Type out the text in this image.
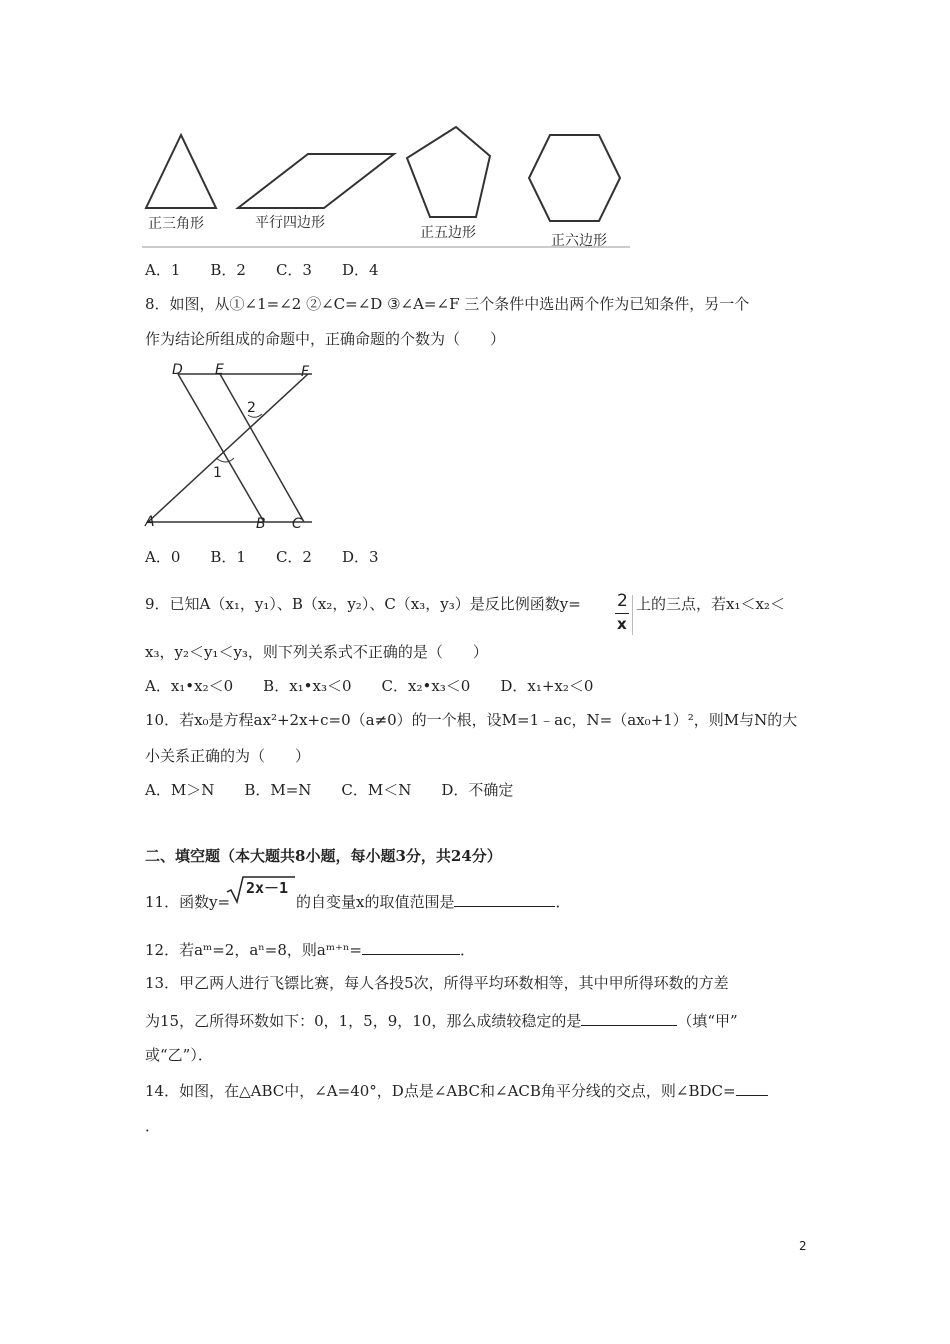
正三角形	平行四边形
正五边形	正六边形
A．1　　B．2　　C．3　　D．4
8．如图，从①∠1=∠2 ②∠C=∠D ③∠A=∠F 三个条件中选出两个作为已知条件，另一个
作为结论所组成的命题中，正确命题的个数为（　　）
D E	F
2
1
A	B C
A．0　　B．1　　C．2　　D．3
9．已知A（x₁，y₁）、B（x₂，y₂）、C（x₃，y₃）是反比例函数y= 2
x
上的三点，若x₁＜x₂＜
x₃，y₂＜y₁＜y₃，则下列关系式不正确的是（　　）
A．x₁•x₂＜0　　B．x₁•x₃＜0　　C．x₂•x₃＜0　　D．x₁+x₂＜0
10．若x₀是方程ax²+2x+c=0（a≠0）的一个根，设M=1﹣ac，N=（ax₀+1）²，则M与N的大
小关系正确的为（　　）
A．M＞N　　B．M=N　　C．M＜N　　D．不确定
二、填空题（本大题共8小题，每小题3分，共24分）
11．函数y=
2x－1
的自变量x的取值范围是	．
12．若aᵐ=2，aⁿ=8，则aᵐ⁺ⁿ=	．
13．甲乙两人进行飞镖比赛，每人各投5次，所得平均环数相等，其中甲所得环数的方差
为15，乙所得环数如下：0，1，5，9，10，那么成绩较稳定的是	（填“甲”
或“乙”）．
14．如图，在△ABC中，∠A=40°，D点是∠ABC和∠ACB角平分线的交点，则∠BDC=
．
2
